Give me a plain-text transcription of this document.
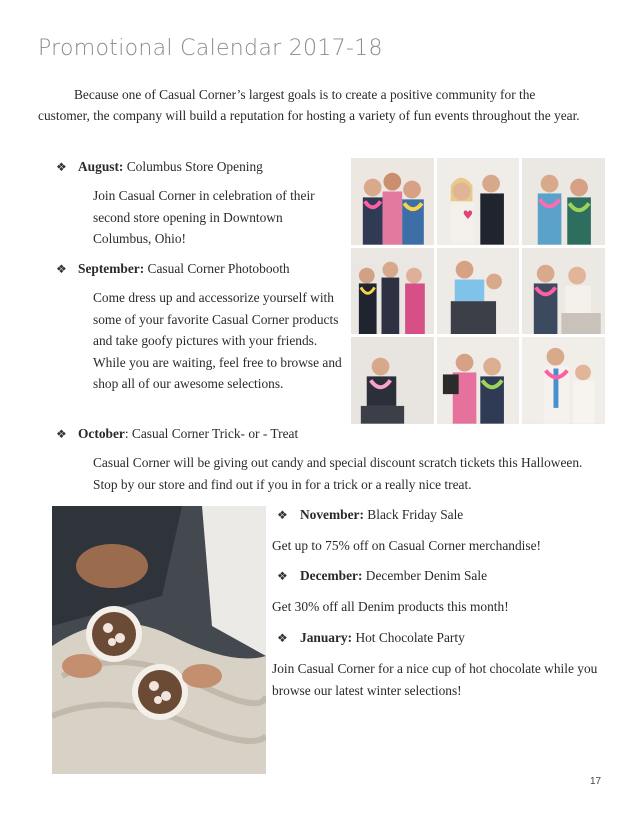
Promotional Calendar 2017-18

Because one of Casual Corner’s largest goals is to create a positive community for the customer, the company will build a reputation for hosting a variety of fun events throughout the year.

❖ August: Columbus Store Opening

Join Casual Corner in celebration of their second store opening in Downtown Columbus, Ohio!

❖ September: Casual Corner Photobooth

Come dress up and accessorize yourself with some of your favorite Casual Corner products and take goofy pictures with your friends. While you are waiting, feel free to browse and shop all of our awesome selections.

❖ October: Casual Corner Trick- or - Treat

Casual Corner will be giving out candy and special discount scratch tickets this Halloween. Stop by our store and find out if you in for a trick or a really nice treat.

❖ November: Black Friday Sale

Get up to 75% off on Casual Corner merchandise!

❖ December: December Denim Sale

Get 30% off all Denim products this month!

❖ January: Hot Chocolate Party

Join Casual Corner for a nice cup of hot chocolate while you browse our latest winter selections!

♥
17
